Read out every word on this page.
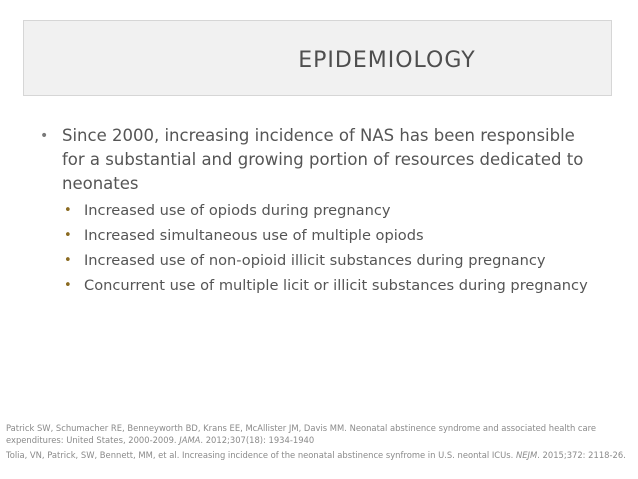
EPIDEMIOLOGY

• Since 2000, increasing incidence of NAS has been responsible for a substantial and growing portion of resources dedicated to neonates

• Increased use of opiods during pregnancy
• Increased simultaneous use of multiple opiods
• Increased use of non-opioid illicit substances during pregnancy
• Concurrent use of multiple licit or illicit substances during pregnancy

Patrick SW, Schumacher RE, Benneyworth BD, Krans EE, McAllister JM, Davis MM. Neonatal abstinence syndrome and associated health care expenditures: United States, 2000-2009. JAMA. 2012;307(18): 1934-1940

Tolia, VN, Patrick, SW, Bennett, MM, et al. Increasing incidence of the neonatal abstinence synfrome in U.S. neontal ICUs. NEJM. 2015;372: 2118-26.
